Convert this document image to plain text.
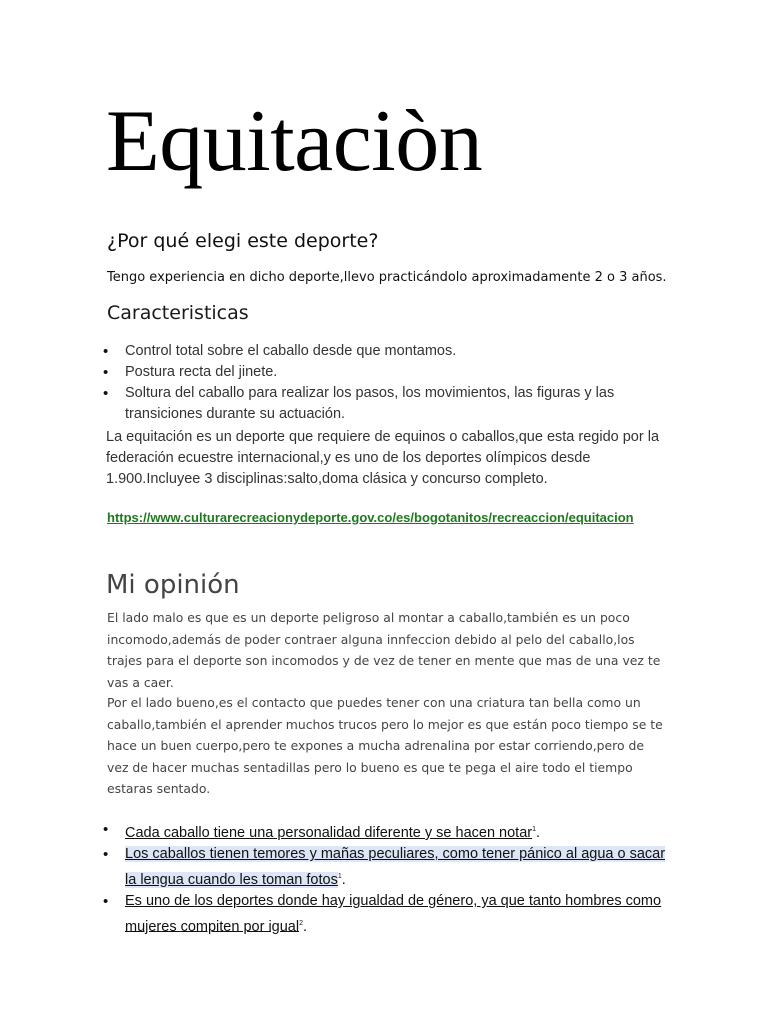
Equitaciòn
¿Por qué elegi este deporte?

Tengo experiencia en dicho deporte,llevo practicándolo aproximadamente 2 o 3 años.

Caracteristicas
• Control total sobre el caballo desde que montamos.
• Postura recta del jinete.
• Soltura del caballo para realizar los pasos, los movimientos, las figuras y las transiciones durante su actuación.

La equitación es un deporte que requiere de equinos o caballos,que esta regido por la federación ecuestre internacional,y es uno de los deportes olímpicos desde 1.900.Incluyee 3 disciplinas:salto,doma clásica y concurso completo.

https://www.culturarecreacionydeporte.gov.co/es/bogotanitos/recreaccion/equitacion
Mi opinión

El lado malo es que es un deporte peligroso al montar a caballo,también es un poco incomodo,además de poder contraer alguna innfeccion debido al pelo del caballo,los trajes para el deporte son incomodos y de vez de tener en mente que mas de una vez te vas a caer.

Por el lado bueno,es el contacto que puedes tener con una criatura tan bella como un caballo,también el aprender muchos trucos pero lo mejor es que están poco tiempo se te hace un buen cuerpo,pero te expones a mucha adrenalina por estar corriendo,pero de vez de hacer muchas sentadillas pero lo bueno es que te pega el aire todo el tiempo estaras sentado.

• Cada caballo tiene una personalidad diferente y se hacen notar$^1$.
• Los caballos tienen temores y mañas peculiares, como tener pánico al agua o sacar la lengua cuando les toman fotos$^1$.
• Es uno de los deportes donde hay igualdad de género, ya que tanto hombres como mujeres compiten por igual$^2$.
